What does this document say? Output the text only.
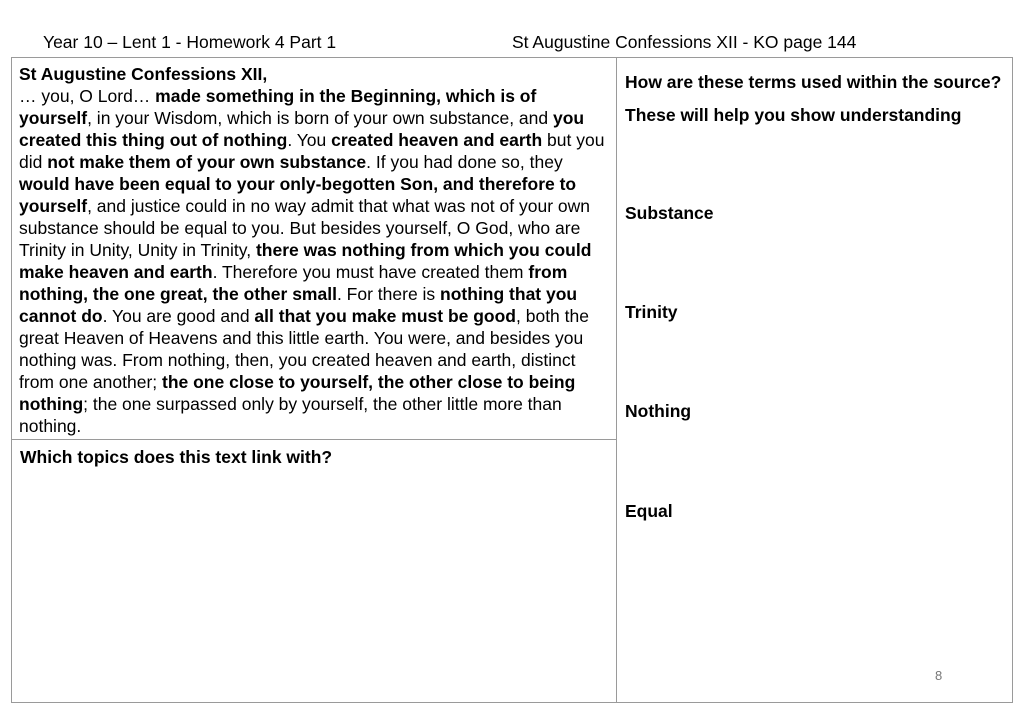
Year 10 – Lent 1 - Homework 4 Part 1	St Augustine Confessions XII - KO page 144
St Augustine Confessions XII,
… you, O Lord… made something in the Beginning, which is of yourself, in your Wisdom, which is born of your own substance, and you created this thing out of nothing. You created heaven and earth but you did not make them of your own substance. If you had done so, they would have been equal to your only-begotten Son, and therefore to yourself, and justice could in no way admit that what was not of your own substance should be equal to you. But besides yourself, O God, who are Trinity in Unity, Unity in Trinity, there was nothing from which you could make heaven and earth. Therefore you must have created them from nothing, the one great, the other small. For there is nothing that you cannot do. You are good and all that you make must be good, both the great Heaven of Heavens and this little earth. You were, and besides you nothing was. From nothing, then, you created heaven and earth, distinct from one another; the one close to yourself, the other close to being nothing; the one surpassed only by yourself, the other little more than nothing.
Which topics does this text link with?
How are these terms used within the source? These will help you show understanding
Substance
Trinity
Nothing
Equal
8
